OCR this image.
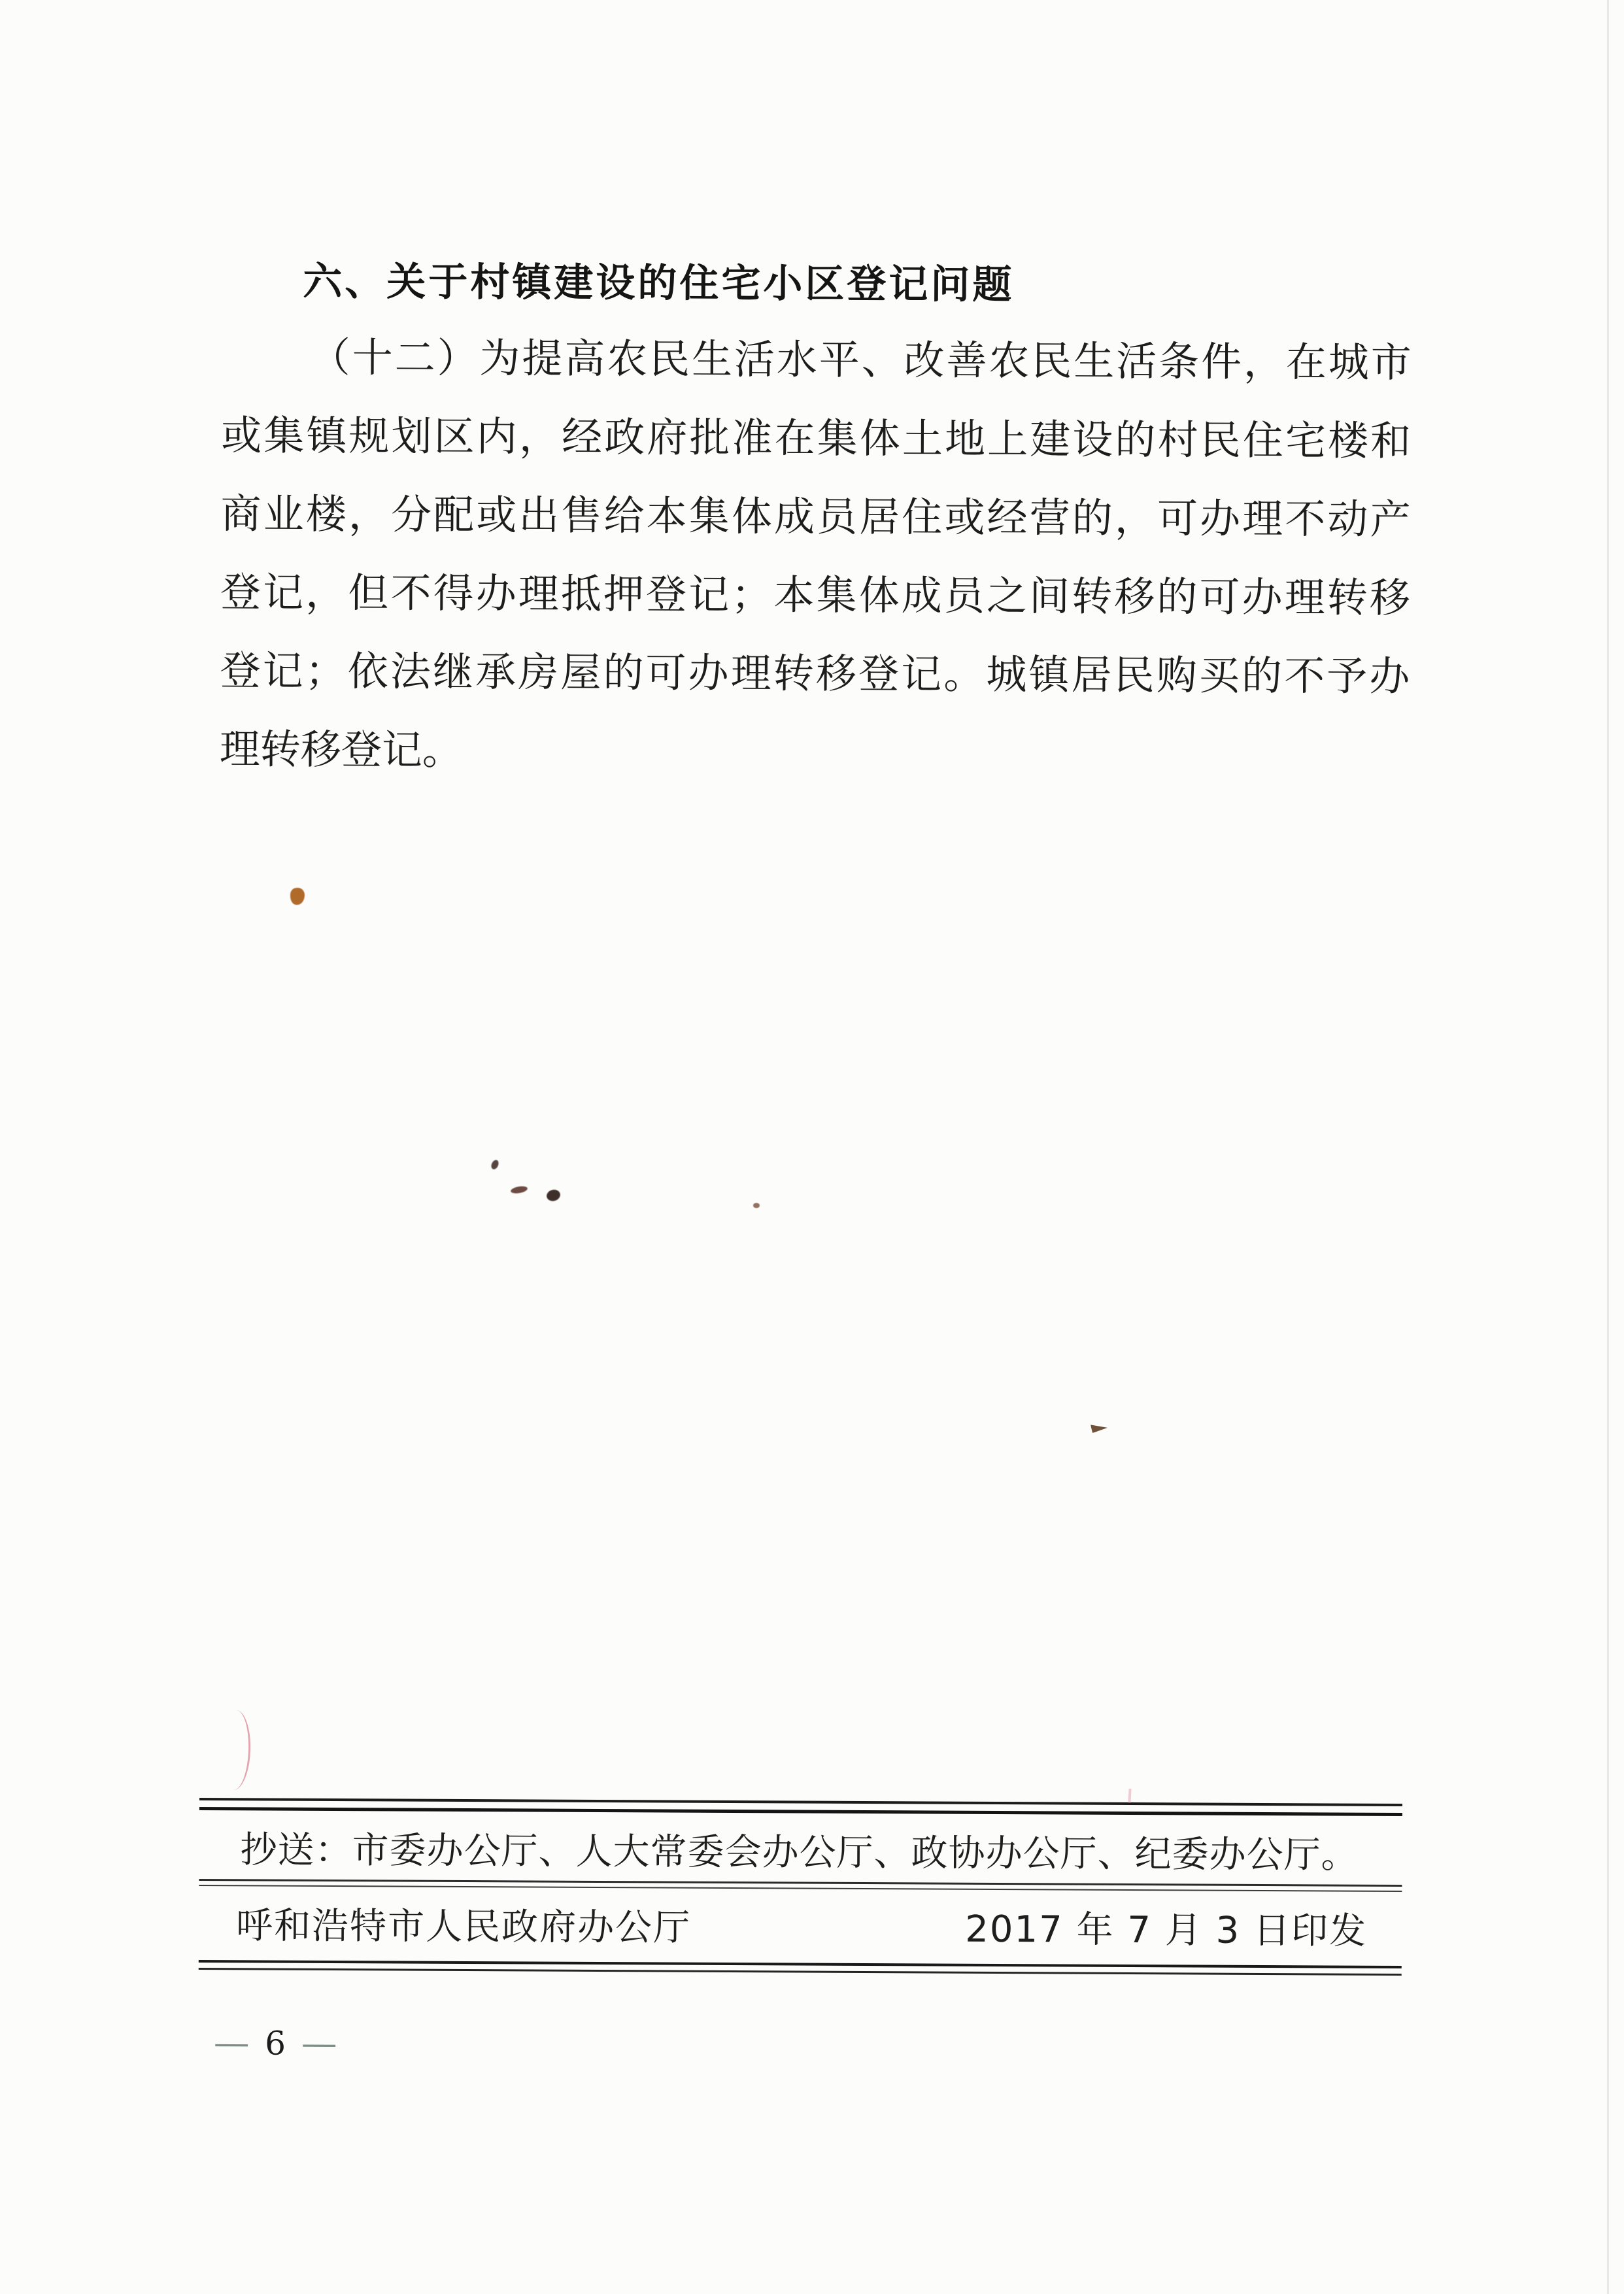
六、关于村镇建设的住宅小区登记问题
（十二）为提高农民生活水平、改善农民生活条件，在城市
或集镇规划区内，经政府批准在集体土地上建设的村民住宅楼和
商业楼，分配或出售给本集体成员居住或经营的，可办理不动产
登记，但不得办理抵押登记；本集体成员之间转移的可办理转移
登记；依法继承房屋的可办理转移登记。城镇居民购买的不予办
理转移登记。
抄送：市委办公厅、人大常委会办公厅、政协办公厅、纪委办公厅。
呼和浩特市人民政府办公厅	2017 年 7 月 3 日印发
— 6 —
